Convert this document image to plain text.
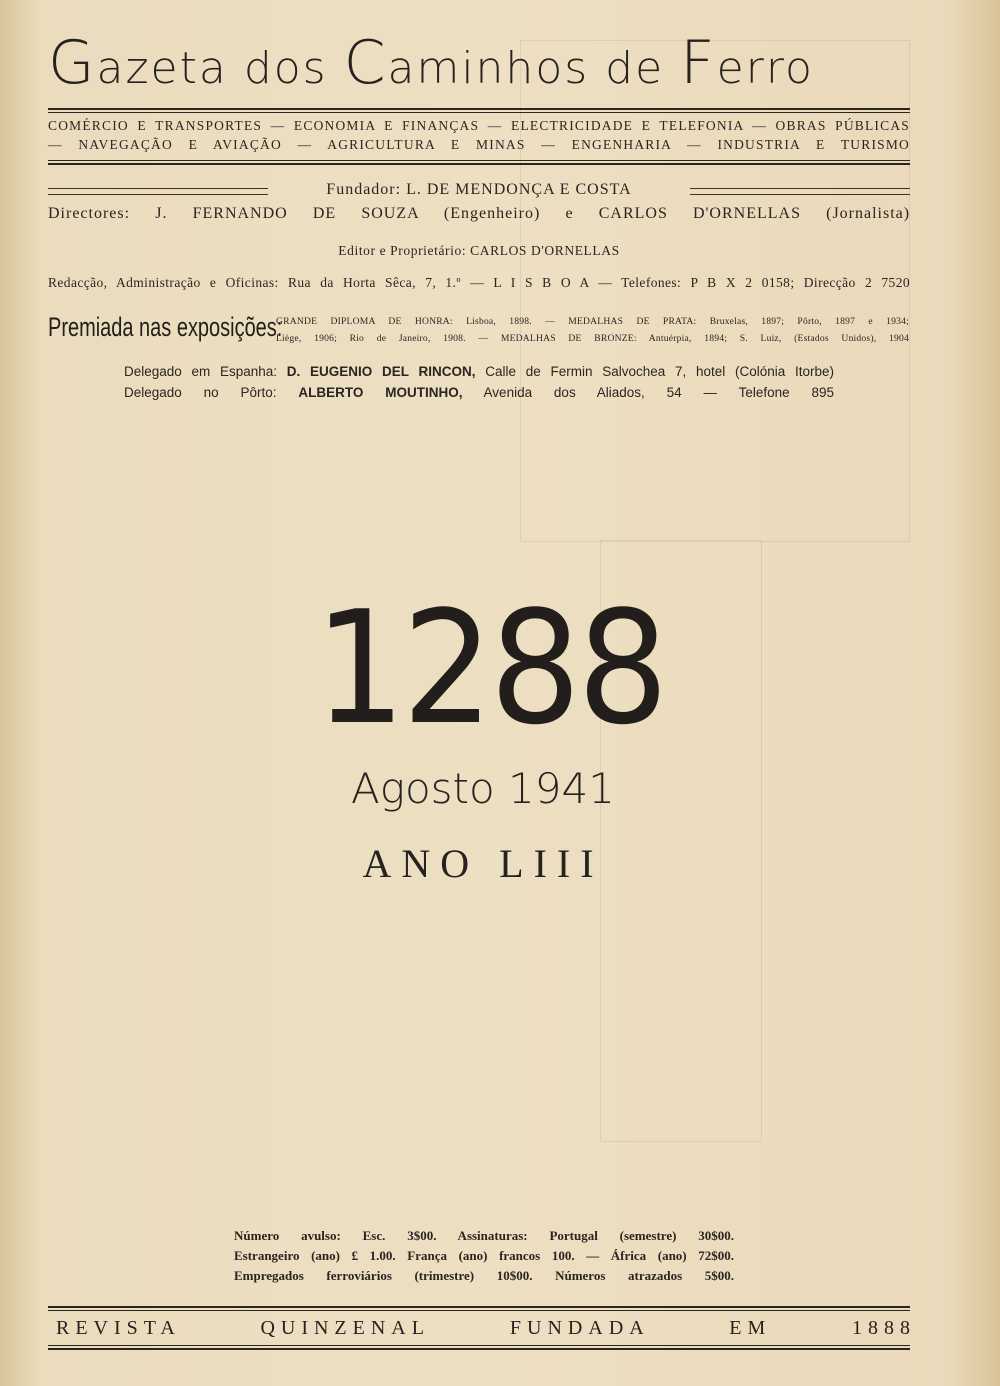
Gazeta dos Caminhos de Ferro
COMÉRCIO E TRANSPORTES — ECONOMIA E FINANÇAS — ELECTRICIDADE E TELEFONIA — OBRAS PÚBLICAS
— NAVEGAÇÃO E AVIAÇÃO — AGRICULTURA E MINAS — ENGENHARIA — INDUSTRIA E TURISMO
Fundador: L. DE MENDONÇA E COSTA
Directores: J. FERNANDO DE SOUZA (Engenheiro) e CARLOS D'ORNELLAS (Jornalista)
Editor e Proprietário: CARLOS D'ORNELLAS
Redacção, Administração e Oficinas: Rua da Horta Sêca, 7, 1.º — L I S B O A — Telefones: P B X 2 0158; Direcção 2 7520
Premiada nas exposições:
GRANDE DIPLOMA DE HONRA: Lisboa, 1898. — MEDALHAS DE PRATA: Bruxelas, 1897; Pôrto, 1897 e 1934;
Liège, 1906; Rio de Janeiro, 1908. — MEDALHAS DE BRONZE: Antuérpia, 1894; S. Luiz, (Estados Unidos), 1904
Delegado em Espanha: D. EUGENIO DEL RINCON, Calle de Fermin Salvochea 7, hotel (Colónia Itorbe)
Delegado no Pôrto: ALBERTO MOUTINHO, Avenida dos Aliados, 54 — Telefone 895
1288
Agosto 1941
ANO LIII
Número avulso: Esc. 3$00. Assinaturas: Portugal (semestre) 30$00.
Estrangeiro (ano) £ 1.00. França (ano) francos 100. — África (ano) 72$00.
Empregados ferroviários (trimestre) 10$00. Números atrazados 5$00.
REVISTA QUINZENAL FUNDADA EM 1888
